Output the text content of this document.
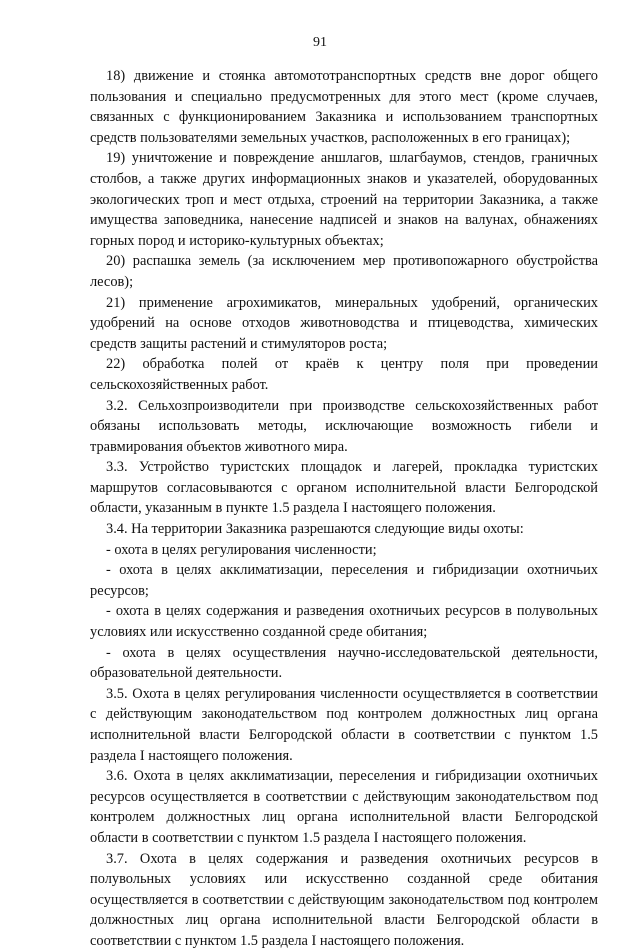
91

18) движение и стоянка автомототранспортных средств вне дорог общего пользования и специально предусмотренных для этого мест (кроме случаев, связанных с функционированием Заказника и использованием транспортных средств пользователями земельных участков, расположенных в его границах);

19) уничтожение и повреждение аншлагов, шлагбаумов, стендов, граничных столбов, а также других информационных знаков и указателей, оборудованных экологических троп и мест отдыха, строений на территории Заказника, а также имущества заповедника, нанесение надписей и знаков на валунах, обнажениях горных пород и историко-культурных объектах;

20) распашка земель (за исключением мер противопожарного обустройства лесов);

21) применение агрохимикатов, минеральных удобрений, органических удобрений на основе отходов животноводства и птицеводства, химических средств защиты растений и стимуляторов роста;

22) обработка полей от краёв к центру поля при проведении сельскохозяйственных работ.

3.2. Сельхозпроизводители при производстве сельскохозяйственных работ обязаны использовать методы, исключающие возможность гибели и травмирования объектов животного мира.

3.3. Устройство туристских площадок и лагерей, прокладка туристских маршрутов согласовываются с органом исполнительной власти Белгородской области, указанным в пункте 1.5 раздела I настоящего положения.

3.4. На территории Заказника разрешаются следующие виды охоты:

- охота в целях регулирования численности;

- охота в целях акклиматизации, переселения и гибридизации охотничьих ресурсов;

- охота в целях содержания и разведения охотничьих ресурсов в полувольных условиях или искусственно созданной среде обитания;

- охота в целях осуществления научно-исследовательской деятельности, образовательной деятельности.

3.5. Охота в целях регулирования численности осуществляется в соответствии с действующим законодательством под контролем должностных лиц органа исполнительной власти Белгородской области в соответствии с пунктом 1.5 раздела I настоящего положения.

3.6. Охота в целях акклиматизации, переселения и гибридизации охотничьих ресурсов осуществляется в соответствии с действующим законодательством под контролем должностных лиц органа исполнительной власти Белгородской области в соответствии с пунктом 1.5 раздела I настоящего положения.

3.7. Охота в целях содержания и разведения охотничьих ресурсов в полувольных условиях или искусственно созданной среде обитания осуществляется в соответствии с действующим законодательством под контролем должностных лиц органа исполнительной власти Белгородской области в соответствии с пунктом 1.5 раздела I настоящего положения.
